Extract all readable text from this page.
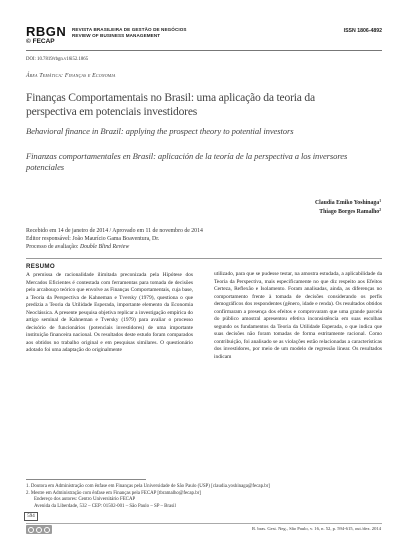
RBGN
© FECAP
REVISTA BRASILEIRA DE GESTÃO DE NEGÓCIOS
REVIEW OF BUSINESS MANAGEMENT
ISSN 1806-4892
DOI: 10.7819/rbgn.v16i52.1865
Área Temática: Finanças e Economia
Finanças Comportamentais no Brasil: uma aplicação da teoria da perspectiva em potenciais investidores
Behavioral finance in Brazil: applying the prospect theory to potential investors
Finanzas comportamentales en Brasil: aplicación de la teoría de la perspectiva a los inversores potenciales
Claudia Emiko Yoshinaga$^1$
Thiago Borges Ramalho$^2$
Recebido em 14 de janeiro de 2014 / Aprovado em 11 de novembro de 2014
Editor responsável: João Maurício Gama Boaventura, Dr.
Processo de avaliação: Double Blind Review
RESUMO
A premissa de racionalidade ilimitada preconizada pela Hipótese dos Mercados Eficientes é contestada com ferramentas para tomada de decisões pelo arcabouço teórico que envolve as Finanças Comportamentais, cuja base, a Teoria da Perspectiva de Kahneman e Tversky (1979), questiona o que predizia a Teoria da Utilidade Esperada, importante elemento da Economia Neoclássica. A presente pesquisa objetiva replicar a investigação empírica do artigo seminal de Kahneman e Tversky (1979) para avaliar o processo decisório de funcionários (potenciais investidores) de uma importante instituição financeira nacional. Os resultados deste estudo foram comparados aos obtidos no trabalho original e em pesquisas similares. O questionário adotado foi uma adaptação do originalmente
utilizado, para que se pudesse testar, na amostra estudada, a aplicabilidade da Teoria da Perspectiva, mais especificamente no que diz respeito aos Efeitos Certeza, Reflexão e Isolamento. Foram analisadas, ainda, as diferenças no comportamento frente à tomada de decisões considerando os perfis demográficos dos respondentes (gênero, idade e renda). Os resultados obtidos confirmaram a presença dos efeitos e comprovaram que uma grande parcela do público amostral apresentou efetiva inconsistência em suas escolhas segundo os fundamentos da Teoria da Utilidade Esperada, o que indica que suas decisões não foram tomadas de forma estritamente racional. Como contribuição, foi analisado se as violações estão relacionadas a características dos investidores, por meio de um modelo de regressão linear. Os resultados indicam
1. Doutora em Administração com ênfase em Finanças pela Universidade de São Paulo (USP) [claudia.yoshinaga@fecap.br]
2. Mestre em Administração com ênfase em Finanças pela FECAP [tbramalho@fecap.br]
Endereço dos autores: Centro Universitário FECAP
Avenida da Liberdade, 532 – CEP: 01502-001 – São Paulo – SP – Brasil
594
R. bras. Gest. Neg., São Paulo, v. 16, n. 52, p. 594-615, out./dez. 2014
